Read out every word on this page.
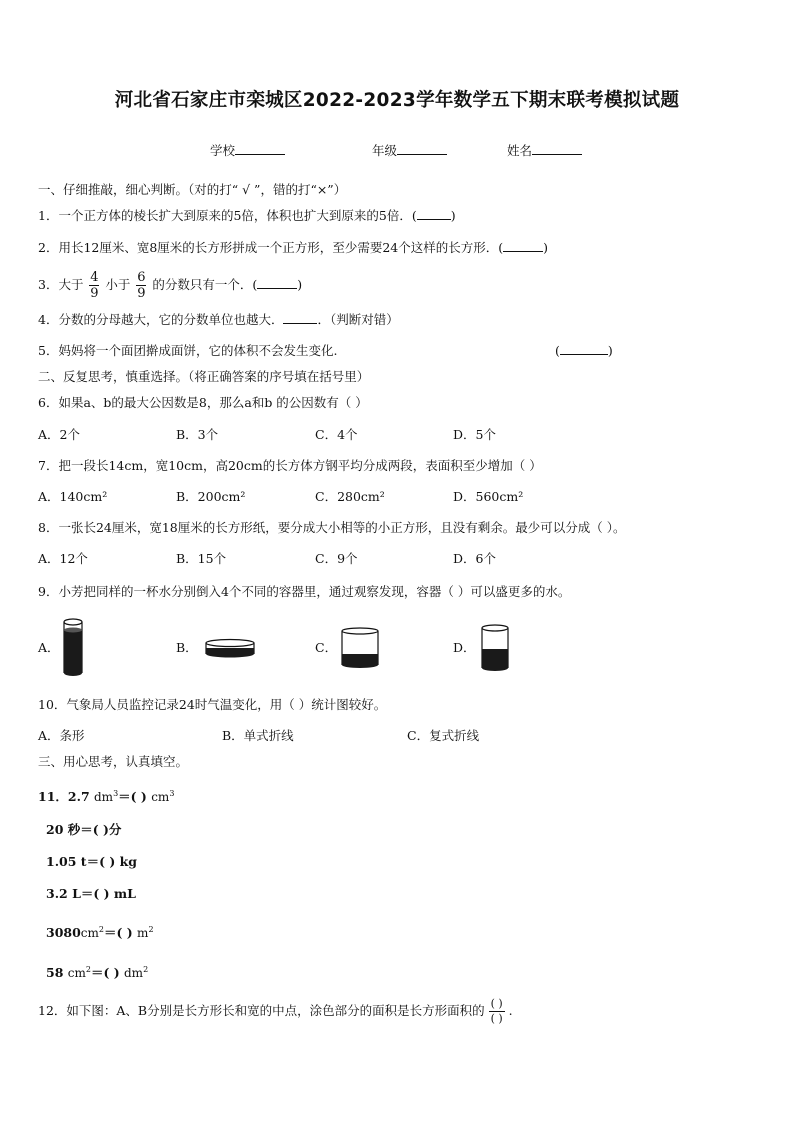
河北省石家庄市栾城区2022-2023学年数学五下期末联考模拟试题
学校	年级	姓名
一、仔细推敲，细心判断。（对的打“ √ ”，错的打“×”）
1．一个正方体的棱长扩大到原来的5倍，体积也扩大到原来的5倍．(	)
2．用长12厘米、宽8厘米的长方形拼成一个正方形，至少需要24个这样的长方形．(	)
3．大于 $\frac{4}{9}$ 小于 $\frac{6}{9}$ 的分数只有一个．(	)
4．分数的分母越大，它的分数单位也越大．	．（判断对错）
5．妈妈将一个面团擀成面饼，它的体积不会发生变化.	(	)
二、反复思考，慎重选择。（将正确答案的序号填在括号里）
6．如果a、b的最大公因数是8，那么a和b 的公因数有（ ）
A．2个	B．3个	C．4个	D．5个
7．把一段长14cm，宽10cm，高20cm的长方体方钢平均分成两段，表面积至少增加（ ）
A．140cm²	B．200cm²	C．280cm²	D．560cm²
8．一张长24厘米，宽18厘米的长方形纸，要分成大小相等的小正方形，且没有剩余。最少可以分成（ ）。
A．12个	B．15个	C．9个	D．6个
9．小芳把同样的一杯水分别倒入4个不同的容器里，通过观察发现，容器（ ）可以盛更多的水。
A．	B．	C．	D．
10．气象局人员监控记录24时气温变化，用（ ）统计图较好。
A．条形	B．单式折线	C．复式折线
三、用心思考，认真填空。
11．2.7 $dm^3=$( ) $cm^3$
20 秒＝( )分
1.05 t＝( ) kg
3.2 L＝( ) mL
$3080cm^2=$( ) $m^2$
58 $cm^2=$( ) $dm^2$
12．如下图：A、B分别是长方形长和宽的中点，涂色部分的面积是长方形面积的 ( )
( )
.
